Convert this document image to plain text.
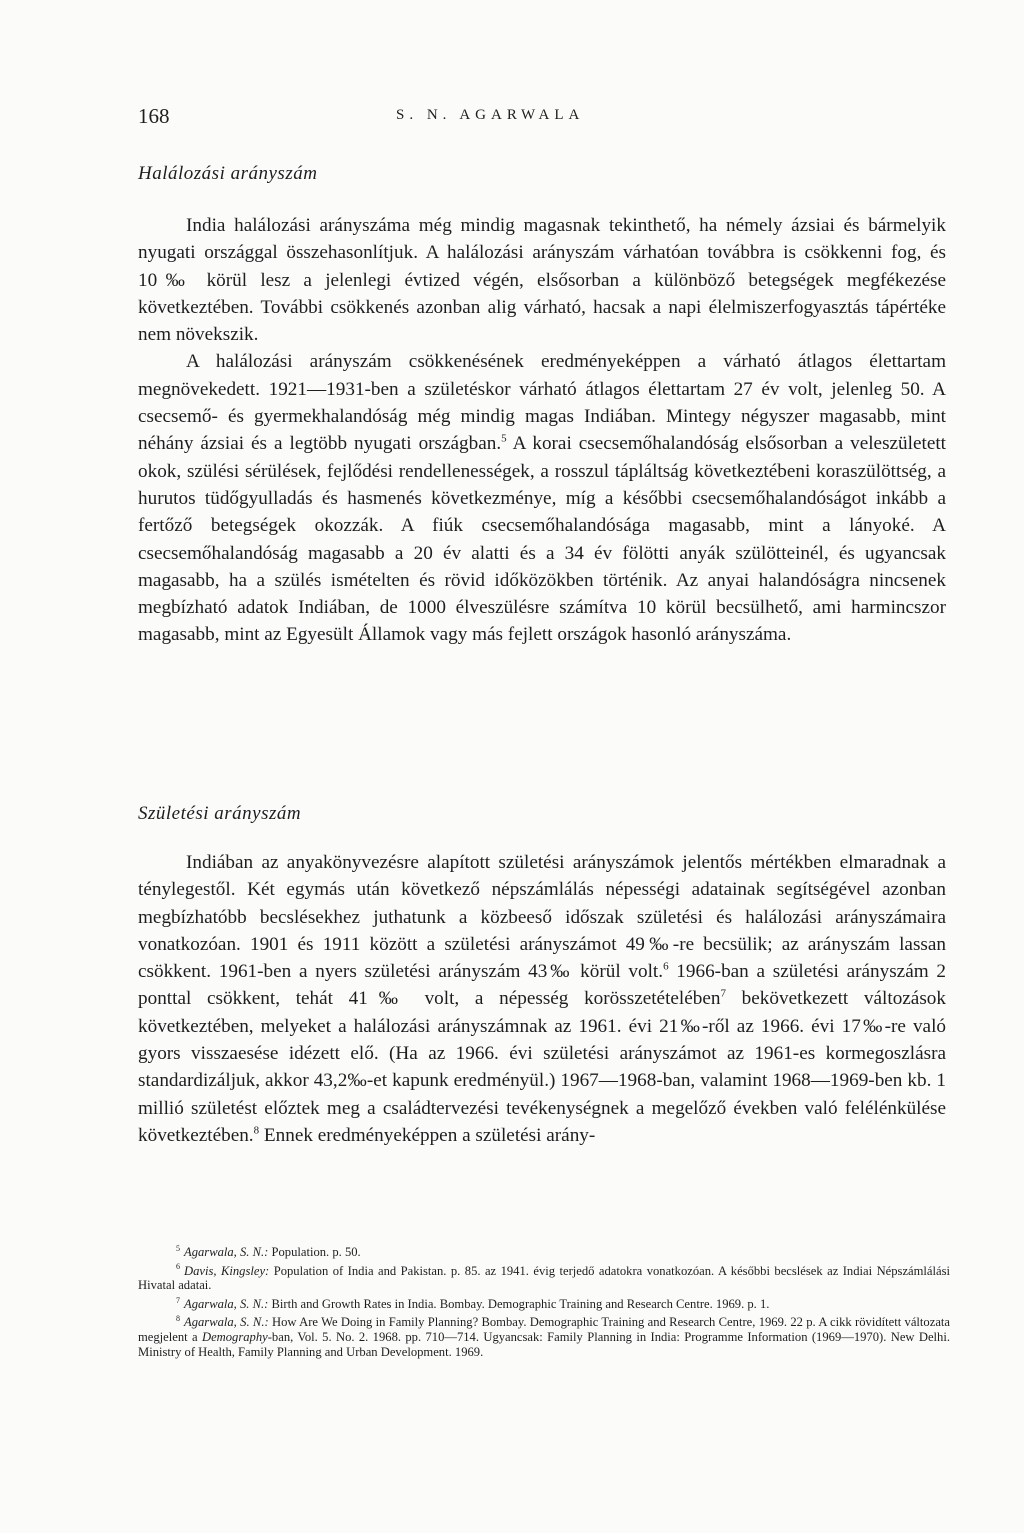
168	S. N. AGARWALA
Halálozási arányszám

India halálozási arányszáma még mindig magasnak tekinthető, ha némely ázsiai és bármelyik nyugati országgal összehasonlítjuk. A halálozási arányszám várhatóan továbbra is csökkenni fog, és 10‰ körül lesz a jelenlegi évtized végén, elsősorban a különböző betegségek megfékezése következtében. További csökkenés azonban alig várható, hacsak a napi élelmiszerfogyasztás tápértéke nem növekszik.

A halálozási arányszám csökkenésének eredményeképpen a várható átlagos élettartam megnövekedett. 1921—1931-ben a születéskor várható átlagos élettartam 27 év volt, jelenleg 50. A csecsemő- és gyermekhalandóság még mindig magas Indiában. Mintegy négyszer magasabb, mint néhány ázsiai és a legtöbb nyugati országban.$^5$ A korai csecsemőhalandóság elsősorban a veleszületett okok, szülési sérülések, fejlődési rendellenességek, a rosszul tápláltság következtébeni koraszülöttség, a hurutos tüdőgyulladás és hasmenés következménye, míg a későbbi csecsemőhalandóságot inkább a fertőző betegségek okozzák. A fiúk csecsemőhalandósága magasabb, mint a lányoké. A csecsemőhalandóság magasabb a 20 év alatti és a 34 év fölötti anyák szülötteinél, és ugyancsak magasabb, ha a szülés ismételten és rövid időközökben történik. Az anyai halandóságra nincsenek megbízható adatok Indiában, de 1000 élveszülésre számítva 10 körül becsülhető, ami harmincszor magasabb, mint az Egyesült Államok vagy más fejlett országok hasonló arányszáma.

Születési arányszám

Indiában az anyakönyvezésre alapított születési arányszámok jelentős mértékben elmaradnak a ténylegestől. Két egymás után következő népszámlálás népességi adatainak segítségével azonban megbízhatóbb becslésekhez juthatunk a közbeeső időszak születési és halálozási arányszámaira vonatkozóan. 1901 és 1911 között a születési arányszámot 49‰-re becsülik; az arányszám lassan csökkent. 1961-ben a nyers születési arányszám 43‰ körül volt.$^6$ 1966-ban a születési arányszám 2 ponttal csökkent, tehát 41‰ volt, a népesség korösszetételében$^7$ bekövetkezett változások következtében, melyeket a halálozási arányszámnak az 1961. évi 21‰-ről az 1966. évi 17‰-re való gyors visszaesése idézett elő. (Ha az 1966. évi születési arányszámot az 1961-es kormegoszlásra standardizáljuk, akkor 43,2‰-et kapunk eredményül.) 1967—1968-ban, valamint 1968—1969-ben kb. 1 millió születést előztek meg a családtervezési tevékenységnek a megelőző években való felélénkülése következtében.$^8$ Ennek eredményeképpen a születési arány-

$^5$ Agarwala, S. N.: Population. p. 50.

$^6$ Davis, Kingsley: Population of India and Pakistan. p. 85. az 1941. évig terjedő adatokra vonatkozóan. A későbbi becslések az Indiai Népszámlálási Hivatal adatai.

$^7$ Agarwala, S. N.: Birth and Growth Rates in India. Bombay. Demographic Training and Research Centre. 1969. p. 1.

$^8$ Agarwala, S. N.: How Are We Doing in Family Planning? Bombay. Demographic Training and Research Centre, 1969. 22 p. A cikk rövidített változata megjelent a Demography-ban, Vol. 5. No. 2. 1968. pp. 710—714. Ugyancsak: Family Planning in India: Programme Information (1969—1970). New Delhi. Ministry of Health, Family Planning and Urban Development. 1969.
